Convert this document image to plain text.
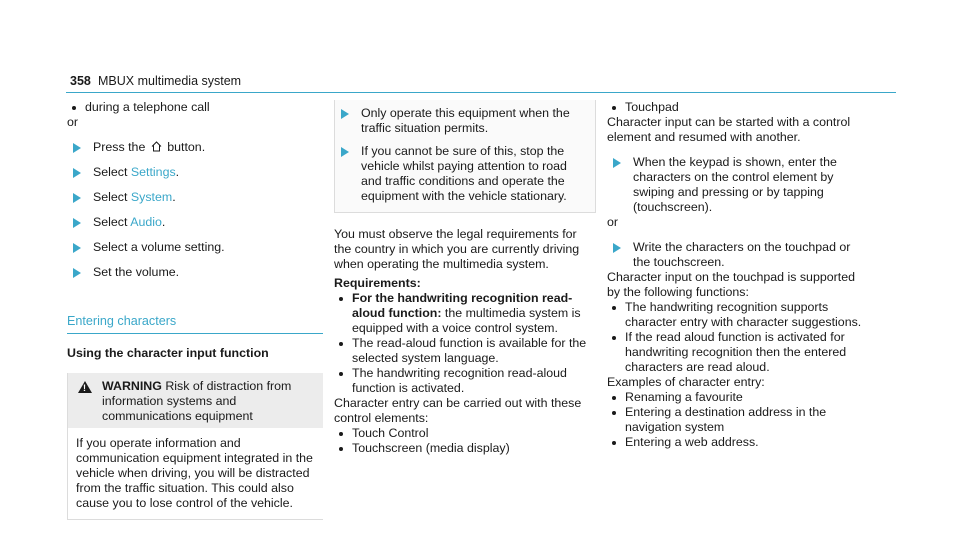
358 MBUX multimedia system
during a telephone call
or
Press the button.
Select Settings.
Select System.
Select Audio.
Select a volume setting.
Set the volume.
Entering characters
Using the character input function
!
WARNING Risk of distraction from information systems and communications equipment
If you operate information and communication equipment integrated in the vehicle when driving, you will be distracted from the traffic situation. This could also cause you to lose control of the vehicle.
Only operate this equipment when the traffic situation permits.
If you cannot be sure of this, stop the vehicle whilst paying attention to road and traffic conditions and operate the equipment with the vehicle stationary.
You must observe the legal requirements for the country in which you are currently driving when operating the multimedia system.
Requirements:
For the handwriting recognition read-aloud function: the multimedia system is equipped with a voice control system.
The read-aloud function is available for the selected system language.
The handwriting recognition read-aloud function is activated.
Character entry can be carried out with these control elements:
Touch Control
Touchscreen (media display)
Touchpad
Character input can be started with a control element and resumed with another.
When the keypad is shown, enter the characters on the control element by swiping and pressing or by tapping (touchscreen).
or
Write the characters on the touchpad or the touchscreen.
Character input on the touchpad is supported by the following functions:
The handwriting recognition supports character entry with character suggestions.
If the read aloud function is activated for handwriting recognition then the entered characters are read aloud.
Examples of character entry:
Renaming a favourite
Entering a destination address in the navigation system
Entering a web address.
